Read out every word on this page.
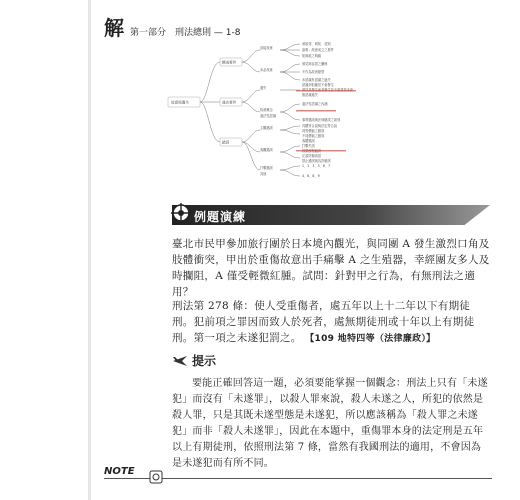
解 第一部分　刑法總則 — 1-8
故意與過失
構成要件
違法要件
錯誤
直接故意
未必故意
過失
故意概念
違法性認識
主觀錯誤
客觀錯誤
打擊錯誤
其他
意欲得、明知、認知
說明：故意成立之要件
知與欲之明確
預見與容認之關係
不作為故意類型
未認識有認識之過失
認識到但確信不會發生
無認識過失
違法性認識之內涵
事實錯誤與法律錯誤之區別
具體符合說與法定符合說
同等價值之錯誤
不同價值之錯誤
客體錯誤
打擊失誤
正當防衛誤認
禁止錯誤與容許錯誤
1、2、3、5、6、7
4、6、8、9
例題演練
臺北市民甲參加旅行團於日本境內觀光，與同團 A 發生激烈口角及肢體衝突，甲出於重傷故意出手痛擊 A 之生殖器，幸經團友多人及時攔阻，A 僅受輕微紅腫。試問：針對甲之行為，有無刑法之適用？
刑法第 278 條：使人受重傷者，處五年以上十二年以下有期徒刑。犯前項之罪因而致人於死者，處無期徒刑或十年以上有期徒刑。第一項之未遂犯罰之。 【109 地特四等（法律廉政）】
提示
要能正確回答這一題，必須要能掌握一個觀念：刑法上只有「未遂犯」而沒有「未遂罪」，以殺人罪來說，殺人未遂之人，所犯的依然是殺人罪，只是其既未遂型態是未遂犯，所以應該稱為「殺人罪之未遂犯」而非「殺人未遂罪」，因此在本題中，重傷罪本身的法定刑是五年以上有期徒刑，依照刑法第 7 條，當然有我國刑法的適用，不會因為是未遂犯而有所不同。
NOTE
